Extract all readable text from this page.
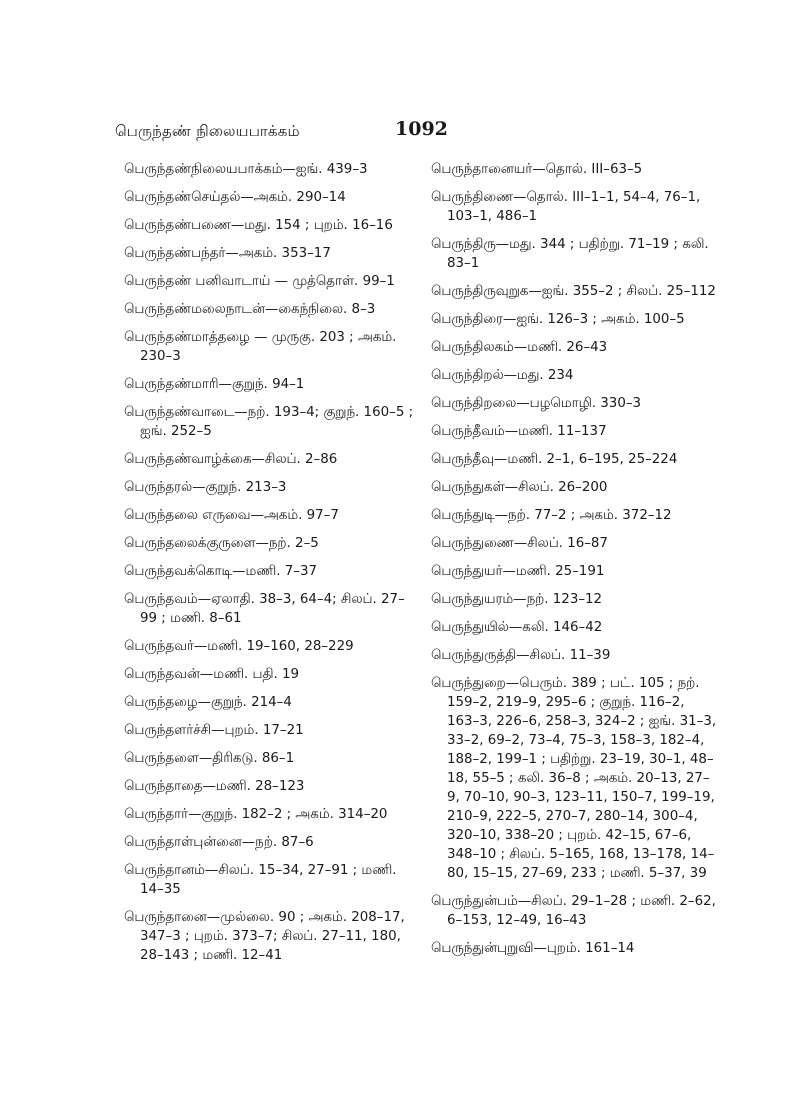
பெருந்தண் நிலையபாக்கம்	1092
பெருந்தண்நிலையபாக்கம்—ஐங். 439–3
பெருந்தண்செய்தல்—அகம். 290–14
பெருந்தண்பணை—மது. 154 ; புறம். 16–16
பெருந்தண்பந்தர்—அகம். 353–17
பெருந்தண் பனிவாடாய் — முத்தொள். 99–1
பெருந்தண்மலைநாடன்—கைந்நிலை. 8–3
பெருந்தண்மாத்தழை — முருகு. 203 ; அகம். 230–3
பெருந்தண்மாரி—குறுந். 94–1
பெருந்தண்வாடை—நற். 193–4; குறுந். 160–5 ; ஐங். 252–5
பெருந்தண்வாழ்க்கை—சிலப். 2–86
பெருந்தரல்—குறுந். 213–3
பெருந்தலை எருவை—அகம். 97–7
பெருந்தலைக்குருளை—நற். 2–5
பெருந்தவக்கொடி—மணி. 7–37
பெருந்தவம்—ஏலாதி. 38–3, 64–4; சிலப். 27–99 ; மணி. 8–61
பெருந்தவர்—மணி. 19–160, 28–229
பெருந்தவன்—மணி. பதி. 19
பெருந்தழை—குறுந். 214–4
பெருந்தளர்ச்சி—புறம். 17–21
பெருந்தளை—திரிகடு. 86–1
பெருந்தாதை—மணி. 28–123
பெருந்தார்—குறுந். 182–2 ; அகம். 314–20
பெருந்தாள்புன்னை—நற். 87–6
பெருந்தானம்—சிலப். 15–34, 27–91 ; மணி. 14–35
பெருந்தானை—முல்லை. 90 ; அகம். 208–17, 347–3 ; புறம். 373–7; சிலப். 27–11, 180, 28–143 ; மணி. 12–41
பெருந்தானையர்—தொல். III–63–5
பெருந்திணை—தொல். III–1–1, 54–4, 76–1, 103–1, 486–1
பெருந்திரு—மது. 344 ; பதிற்று. 71–19 ; கலி. 83–1
பெருந்திருவுறுக—ஐங். 355–2 ; சிலப். 25–112
பெருந்திரை—ஐங். 126–3 ; அகம். 100–5
பெருந்திலகம்—மணி. 26–43
பெருந்திறல்—மது. 234
பெருந்திறலை—பழமொழி. 330–3
பெருந்தீவம்—மணி. 11–137
பெருந்தீவு—மணி. 2–1, 6–195, 25–224
பெருந்துகள்—சிலப். 26–200
பெருந்துடி—நற். 77–2 ; அகம். 372–12
பெருந்துணை—சிலப். 16–87
பெருந்துயர்—மணி. 25–191
பெருந்துயரம்—நற். 123–12
பெருந்துயில்—கலி. 146–42
பெருந்துருத்தி—சிலப். 11–39
பெருந்துறை—பெரும். 389 ; பட். 105 ; நற். 159–2, 219–9, 295–6 ; குறுந். 116–2, 163–3, 226–6, 258–3, 324–2 ; ஐங். 31–3, 33–2, 69–2, 73–4, 75–3, 158–3, 182–4, 188–2, 199–1 ; பதிற்று. 23–19, 30–1, 48–18, 55–5 ; கலி. 36–8 ; அகம். 20–13, 27–9, 70–10, 90–3, 123–11, 150–7, 199–19, 210–9, 222–5, 270–7, 280–14, 300–4, 320–10, 338–20 ; புறம். 42–15, 67–6, 348–10 ; சிலப். 5–165, 168, 13–178, 14–80, 15–15, 27–69, 233 ; மணி. 5–37, 39
பெருந்துன்பம்—சிலப். 29–1–28 ; மணி. 2–62, 6–153, 12–49, 16–43
பெருந்துன்புறுவி—புறம். 161–14
